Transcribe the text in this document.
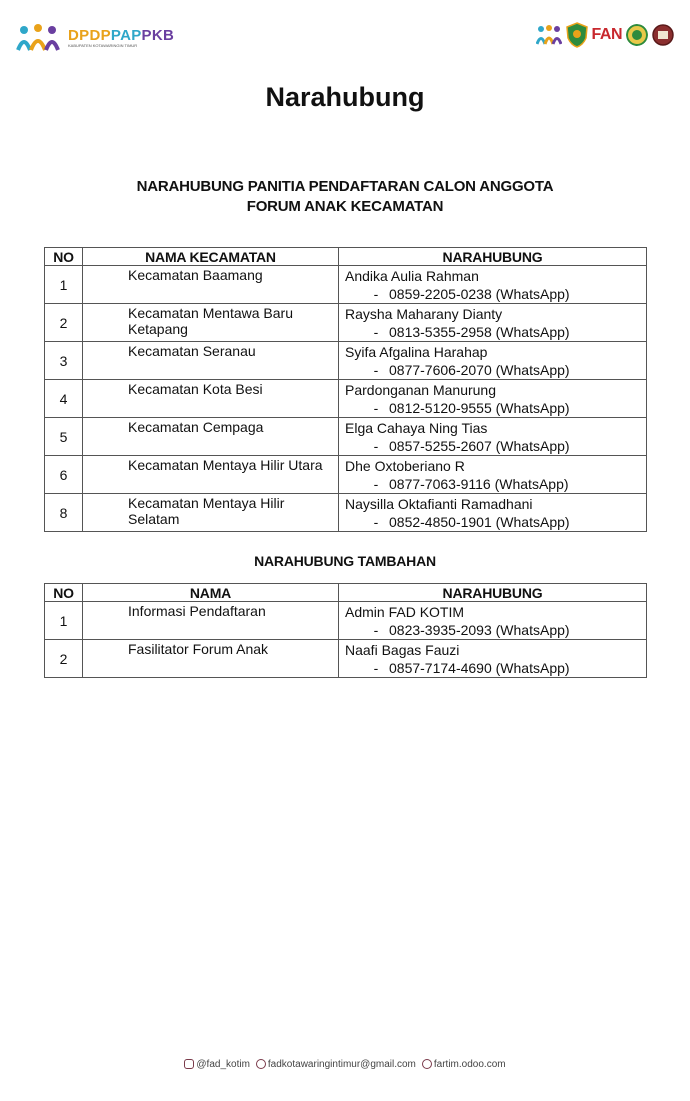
DPDPPAPPKB
KABUPATEN KOTAWARINGIN TIMUR
FAN
Narahubung
NARAHUBUNG PANITIA PENDAFTARAN CALON ANGGOTA
FORUM ANAK KECAMATAN
NO	NAMA KECAMATAN	NARAHUBUNG
1	Kecamatan Baamang	Andika Aulia Rahman
- 0859-2205-0238 (WhatsApp)

2	Kecamatan Mentawa Baru Ketapang	Raysha Maharany Dianty
- 0813-5355-2958 (WhatsApp)

3	Kecamatan Seranau	Syifa Afgalina Harahap
- 0877-7606-2070 (WhatsApp)

4	Kecamatan Kota Besi	Pardonganan Manurung
- 0812-5120-9555 (WhatsApp)

5	Kecamatan Cempaga	Elga Cahaya Ning Tias
- 0857-5255-2607 (WhatsApp)

6	Kecamatan Mentaya Hilir Utara	Dhe Oxtoberiano R
- 0877-7063-9116 (WhatsApp)

8	Kecamatan Mentaya Hilir Selatam	Naysilla Oktafianti Ramadhani
- 0852-4850-1901 (WhatsApp)
NARAHUBUNG TAMBAHAN
NO	NAMA	NARAHUBUNG
1	Informasi Pendaftaran	Admin FAD KOTIM
- 0823-3935-2093 (WhatsApp)

2	Fasilitator Forum Anak	Naafi Bagas Fauzi
- 0857-7174-4690 (WhatsApp)
@fad_kotim	fadkotawaringintimur@gmail.com	fartim.odoo.com
